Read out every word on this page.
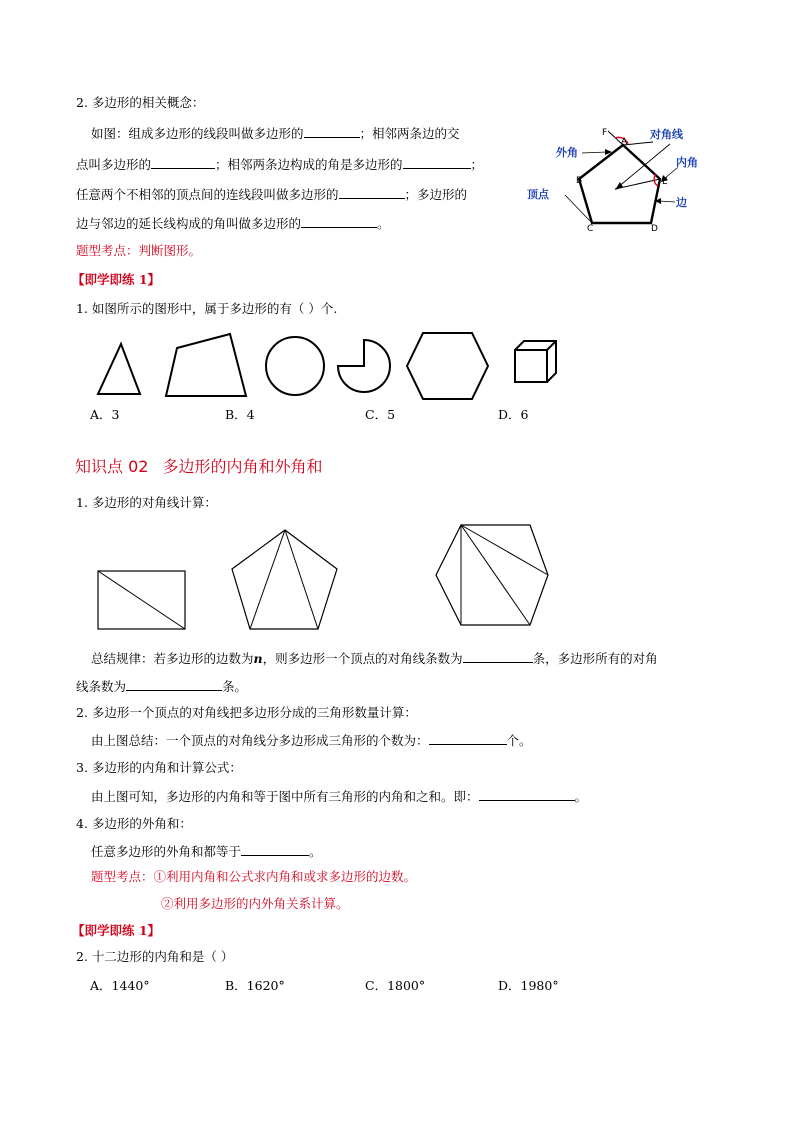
2. 多边形的相关概念：
如图：组成多边形的线段叫做多边形的	；相邻两条边的交
点叫多边形的	；相邻两条边构成的角是多边形的	；
任意两个不相邻的顶点间的连线段叫做多边形的	；多边形的
边与邻边的延长线构成的角叫做多边形的	。
题型考点：判断图形。
A
B
C	D
E
F
外角
对角线
内角
顶点
边
【即学即练 1】
1. 如图所示的图形中，属于多边形的有（ ）个.
A．3	B．4	C．5	D．6
知识点 02 多边形的内角和外角和
1. 多边形的对角线计算：
总结规律：若多边形的边数为n，则多边形一个顶点的对角线条数为	条，多边形所有的对角
线条数为	条。
2. 多边形一个顶点的对角线把多边形分成的三角形数量计算：
由上图总结：一个顶点的对角线分多边形成三角形的个数为：	个。
3. 多边形的内角和计算公式：
由上图可知，多边形的内角和等于图中所有三角形的内角和之和。即：	。
4. 多边形的外角和：
任意多边形的外角和都等于	。
题型考点：①利用内角和公式求内角和或求多边形的边数。
②利用多边形的内外角关系计算。
【即学即练 1】
2. 十二边形的内角和是（ ）
A．1440°	B．1620°	C．1800°	D．1980°
